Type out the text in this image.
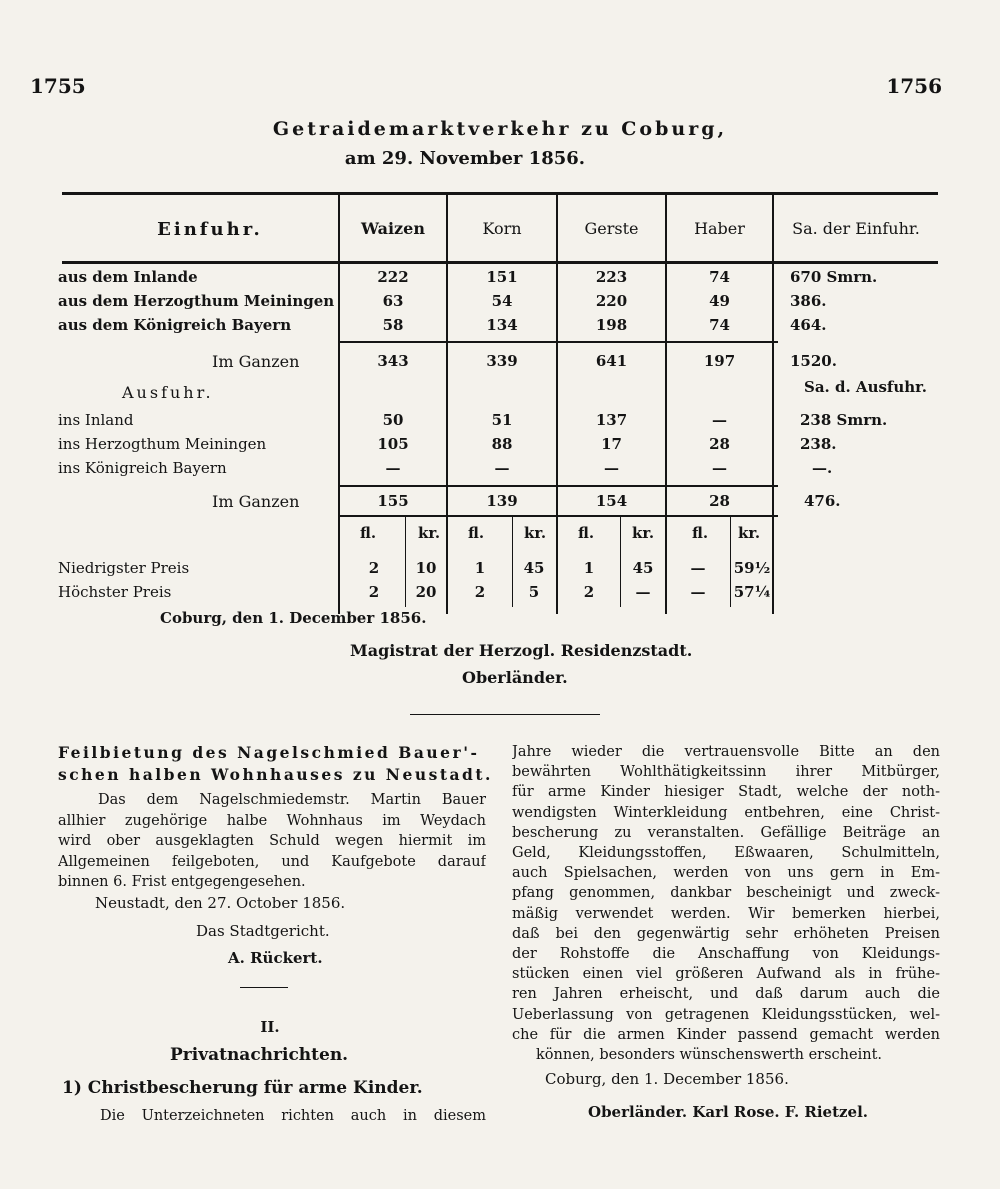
1755	1756
Getraidemarktverkehr zu Coburg,
am 29. November 1856.
Einfuhr.	Waizen	Korn	Gerste	Haber	Sa. der Einfuhr.
aus dem Inlande	222	151	223	74	670 Smrn.
aus dem Herzogthum Meiningen	63	54	220	49	386.
aus dem Königreich Bayern	58	134	198	74	464.
Im Ganzen	343	339	641	197	1520.
Ausfuhr.	Sa. d. Ausfuhr.
ins Inland	50	51	137	—	238 Smrn.
ins Herzogthum Meiningen	105	88	17	28	238.
ins Königreich Bayern	—	—	—	—	—.
Im Ganzen	155	139	154	28	476.
fl.	kr. fl.	kr. fl.	kr.	fl. kr.
Niedrigster Preis	2	10	1	45	1	45	—	59½
Höchster Preis	2	20	2	5	2	—	—	57¼
Coburg, den 1. December 1856.
Magistrat der Herzogl. Residenzstadt.
Oberländer.
Feilbietung des Nagelschmied Bauer'-
schen halben Wohnhauses zu Neustadt.
Das dem Nagelschmiedemstr. Martin Bauer
allhier zugehörige halbe Wohnhaus im Weydach
wird ober ausgeklagten Schuld wegen hiermit im
Allgemeinen feilgeboten, und Kaufgebote darauf
binnen 6. Frist entgegengesehen.
Neustadt, den 27. October 1856.
Das Stadtgericht.
A. Rückert.
II.
Privatnachrichten.
1) Christbescherung für arme Kinder.
Die Unterzeichneten richten auch in diesem
Jahre wieder die vertrauensvolle Bitte an den
bewährten Wohlthätigkeitssinn ihrer Mitbürger,
für arme Kinder hiesiger Stadt, welche der noth-
wendigsten Winterkleidung entbehren, eine Christ-
bescherung zu veranstalten. Gefällige Beiträge an
Geld, Kleidungsstoffen, Eßwaaren, Schulmitteln,
auch Spielsachen, werden von uns gern in Em-
pfang genommen, dankbar bescheinigt und zweck-
mäßig verwendet werden. Wir bemerken hierbei,
daß bei den gegenwärtig sehr erhöheten Preisen
der Rohstoffe die Anschaffung von Kleidungs-
stücken einen viel größeren Aufwand als in frühe-
ren Jahren erheischt, und daß darum auch die
Ueberlassung von getragenen Kleidungsstücken, wel-
che für die armen Kinder passend gemacht werden
können, besonders wünschenswerth erscheint.
Coburg, den 1. December 1856.
Oberländer. Karl Rose. F. Rietzel.
